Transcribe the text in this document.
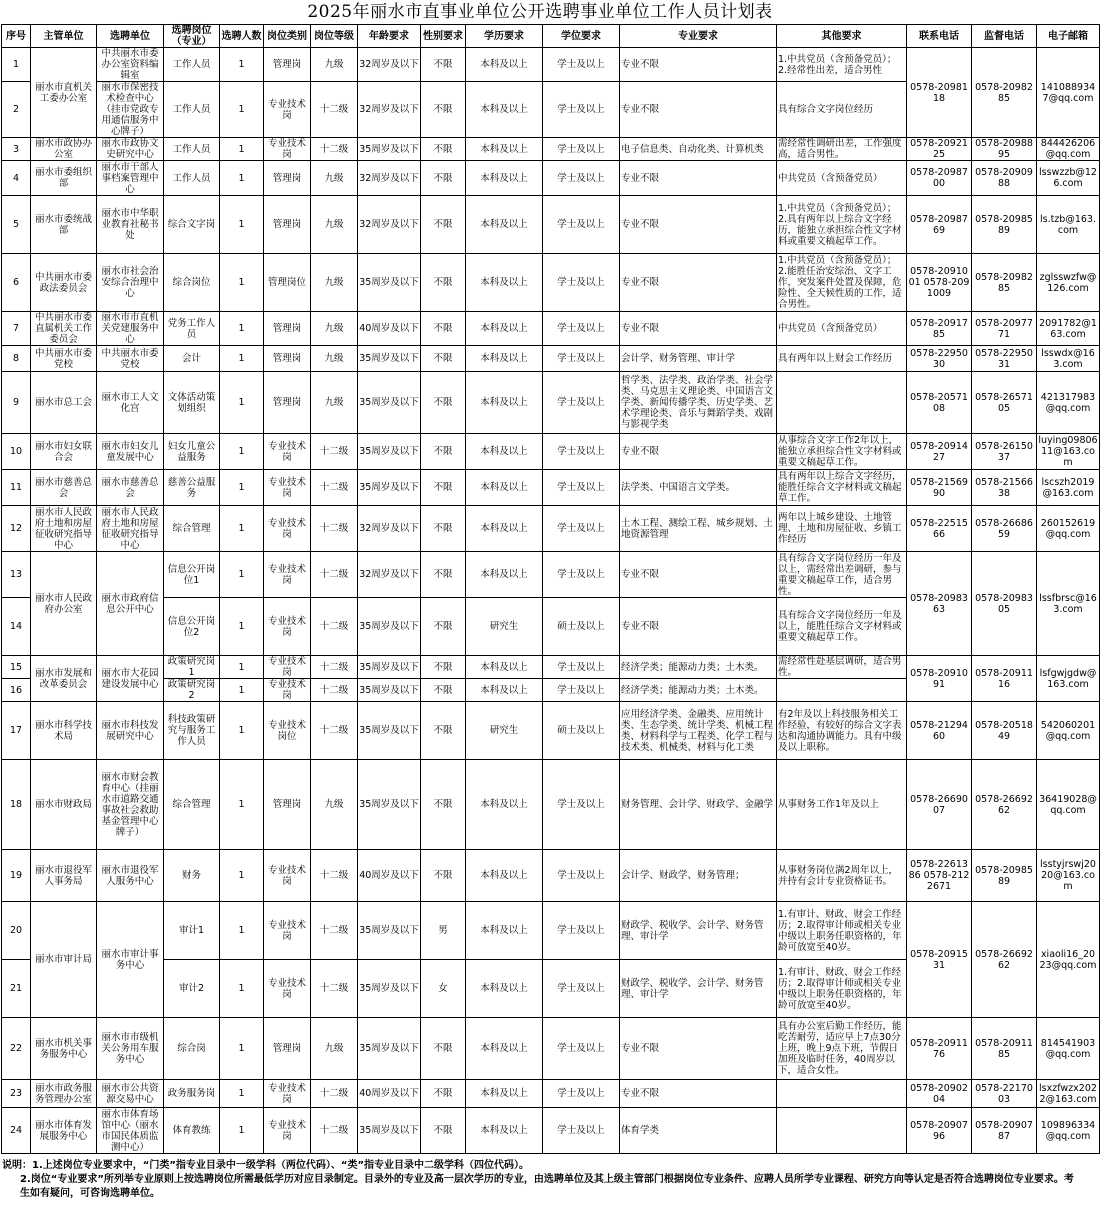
2025年丽水市直事业单位公开选聘事业单位工作人员计划表
序号	主管单位	选聘单位	选聘岗位（专业）	选聘人数	岗位类别	岗位等级	年龄要求	性别要求	学历要求	学位要求	专业要求	其他要求	联系电话	监督电话	电子邮箱
1	丽水市直机关工委办公室	中共丽水市委办公室资料编辑室	工作人员	1	管理岗	九级	32周岁及以下	不限	本科及以上	学士及以上	专业不限	1.中共党员（含预备党员）；2.经常性出差，适合男性	0578-2098118	0578-2098285	1410889347@qq.com
2		丽水市保密技术检查中心（挂市党政专用通信服务中心牌子）	工作人员	1	专业技术岗	十二级	32周岁及以下	不限	本科及以上	学士及以上	专业不限	具有综合文字岗位经历			
3	丽水市政协办公室	丽水市政协文史研究中心	工作人员	1	专业技术岗	十二级	35周岁及以下	不限	本科及以上	学士及以上	电子信息类、自动化类、计算机类	需经常性调研出差，工作强度高，适合男性。	0578-2092125	0578-2098895	844426206@qq.com
4	丽水市委组织部	丽水市干部人事档案管理中心	工作人员	1	管理岗	九级	32周岁及以下	不限	本科及以上	学士及以上	专业不限	中共党员（含预备党员）	0578-2098700	0578-2090988	lsswzzb@126.com
5	丽水市委统战部	丽水市中华职业教育社秘书处	综合文字岗	1	管理岗	九级	32周岁及以下	不限	本科及以上	学士及以上	专业不限	1.中共党员（含预备党员）；2.具有两年以上综合文字经历，能独立承担综合性文字材料或重要文稿起草工作。	0578-2098769	0578-2098589	ls.tzb@163.com
6	中共丽水市委政法委员会	丽水市社会治安综合治理中心	综合岗位	1	管理岗位	九级	35周岁及以下	不限	本科及以上	学士及以上	专业不限	1.中共党员（含预备党员）；2.能胜任治安综治、文字工作，突发案件处置及保障，危险性、全天候性质的工作，适合男性。	0578-2091001 0578-2091009	0578-2098285	zglsswzfw@126.com
7	中共丽水市委直属机关工作委员会	丽水市市直机关党建服务中心	党务工作人员	1	管理岗	九级	40周岁及以下	不限	本科及以上	学士及以上	专业不限	中共党员（含预备党员）	0578-2091785	0578-2097771	2091782@163.com
8	中共丽水市委党校	中共丽水市委党校	会计	1	管理岗	九级	35周岁及以下	不限	本科及以上	学士及以上	会计学、财务管理、审计学	具有两年以上财会工作经历	0578-2295030	0578-2295031	lsswdx@163.com
9	丽水市总工会	丽水市工人文化宫	文体活动策划组织	1	管理岗	九级	35周岁及以下	不限	本科及以上	学士及以上	哲学类、法学类、政治学类、社会学类、马克思主义理论类、中国语言文学类、新闻传播学类、历史学类、艺术学理论类、音乐与舞蹈学类、戏剧与影视学类		0578-2057108	0578-2657105	421317983@qq.com
10	丽水市妇女联合会	丽水市妇女儿童发展中心	妇女儿童公益服务	1	专业技术岗	十二级	35周岁及以下	不限	本科及以上	学士及以上	专业不限	从事综合文字工作2年以上，能独立承担综合性文字材料或重要文稿起草工作。	0578-2091427	0578-2615037	luying0980611@163.com
11	丽水市慈善总会	丽水市慈善总会	慈善公益服务	1	专业技术岗	十二级	35周岁及以下	不限	本科及以上	学士及以上	法学类、中国语言文学类。	具有两年以上综合文字经历，能胜任综合文字材料或文稿起草工作。	0578-2156990	0578-2156638	lscszh2019@163.com
12	丽水市人民政府土地和房屋征收研究指导中心	丽水市人民政府土地和房屋征收研究指导中心	综合管理	1	专业技术岗	十二级	32周岁及以下	不限	本科及以上	学士及以上	土木工程、测绘工程、城乡规划、土地资源管理	两年以上城乡建设、土地管理、土地和房屋征收、乡镇工作经历	0578-2251566	0578-2668659	260152619@qq.com
13	丽水市人民政府办公室	丽水市政府信息公开中心	信息公开岗位1	1	专业技术岗	十二级	32周岁及以下	不限	本科及以上	学士及以上	专业不限	具有综合文字岗位经历一年及以上，需经常出差调研，参与重要文稿起草工作，适合男性。	0578-2098363	0578-2098305	lssfbrsc@163.com
14			信息公开岗位2	1	专业技术岗	十二级	35周岁及以下	不限	研究生	硕士及以上	专业不限	具有综合文字岗位经历一年及以上，能胜任综合文字材料或重要文稿起草工作。			
15	丽水市发展和改革委员会	丽水市大花园建设发展中心	政策研究岗1	1	专业技术岗	十二级	35周岁及以下	不限	本科及以上	学士及以上	经济学类；能源动力类；土木类。	需经常性赴基层调研，适合男性。	0578-2091091	0578-2091116	lsfgwjgdw@163.com
16			政策研究岗2	1	专业技术岗	十二级	35周岁及以下	不限	本科及以上	学士及以上	经济学类；能源动力类；土木类。				
17	丽水市科学技术局	丽水市科技发展研究中心	科技政策研究与服务工作人员	1	专业技术岗位	十二级	35周岁及以下	不限	研究生	硕士及以上	应用经济学类、金融类、应用统计类、生态学类、统计学类、机械工程类、材料科学与工程类、化学工程与技术类、机械类、材料与化工类	有2年及以上科技服务相关工作经验，有较好的综合文字表达和沟通协调能力。具有中级及以上职称。	0578-2129460	0578-2051849	542060201@qq.com
18	丽水市财政局	丽水市财会教育中心（挂丽水市道路交通事故社会救助基金管理中心牌子）	综合管理	1	管理岗	九级	35周岁及以下	不限	本科及以上	学士及以上	财务管理、会计学、财政学、金融学	从事财务工作1年及以上	0578-2669007	0578-2669262	36419028@qq.com
19	丽水市退役军人事务局	丽水市退役军人服务中心	财务	1	专业技术岗	十二级	40周岁及以下	不限	本科及以上	学士及以上	会计学、财政学、财务管理；	从事财务岗位满2周年以上，并持有会计专业资格证书。	0578-2261386 0578-2122671	0578-2098589	lsstyjrswj2020@163.com
20	丽水市审计局	丽水市审计事务中心	审计1	1	专业技术岗	十二级	35周岁及以下	男	本科及以上	学士及以上	财政学、税收学、会计学、财务管理、审计学	1.有审计、财政、财会工作经历；2.取得审计师或相关专业中级以上职务任职资格的，年龄可放宽至40岁。	0578-2091531	0578-2669262	xiaoli16_2023@qq.com
21			审计2	1	专业技术岗	十二级	35周岁及以下	女	本科及以上	学士及以上	财政学、税收学、会计学、财务管理、审计学	1.有审计、财政、财会工作经历；2.取得审计师或相关专业中级以上职务任职资格的，年龄可放宽至40岁。			
22	丽水市机关事务服务中心	丽水市市级机关公务用车服务中心	综合岗	1	管理岗	九级	35周岁及以下	不限	本科及以上	学士及以上	专业不限	具有办公室后勤工作经历，能吃苦耐劳，适应早上7点30分上班，晚上9点下班，节假日加班及临时任务，40周岁以下，适合女性。	0578-2091176	0578-2091185	814541903@qq.com
23	丽水市政务服务管理办公室	丽水市公共资源交易中心	政务服务岗	1	专业技术岗	十二级	40周岁及以下	不限	本科及以上	学士及以上	专业不限		0578-2090204	0578-2217003	lsxzfwzx2022@163.com
24	丽水市体育发展服务中心	丽水市体育场馆中心（丽水市国民体质监测中心）	体育教练	1	专业技术岗	十二级	35周岁及以下	不限	本科及以上	学士及以上	体育学类		0578-2090796	0578-2090787	109896334@qq.com
说明：1.上述岗位专业要求中，“门类”指专业目录中一级学科（两位代码）、“类”指专业目录中二级学科（四位代码）。
2.岗位“专业要求”所列举专业原则上按选聘岗位所需最低学历对应目录制定。目录外的专业及高一层次学历的专业，由选聘单位及其上级主管部门根据岗位专业条件、应聘人员所学专业课程、研究方向等认定是否符合选聘岗位专业要求。考生如有疑问，可咨询选聘单位。
